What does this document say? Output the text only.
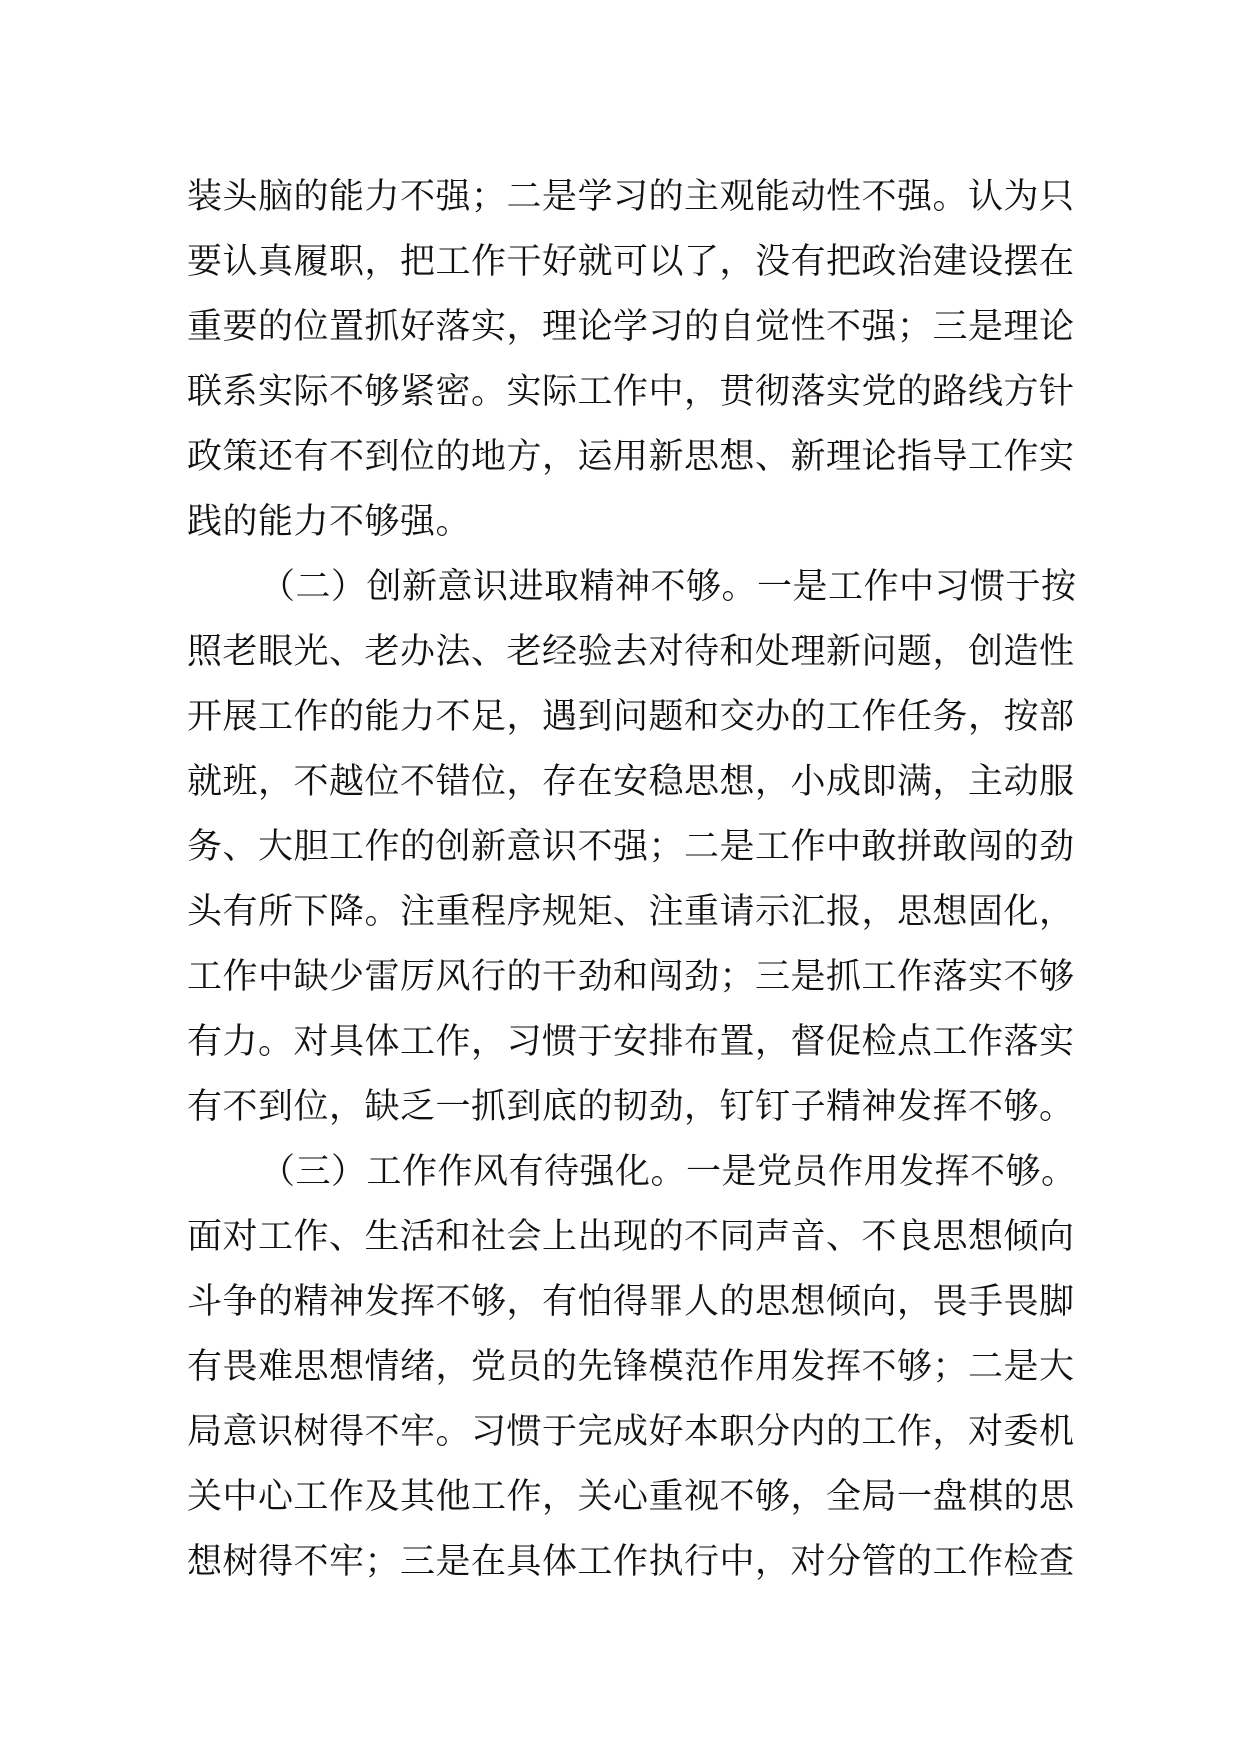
装头脑的能力不强；二是学习的主观能动性不强。认为只
要认真履职，把工作干好就可以了，没有把政治建设摆在
重要的位置抓好落实，理论学习的自觉性不强；三是理论
联系实际不够紧密。实际工作中，贯彻落实党的路线方针
政策还有不到位的地方，运用新思想、新理论指导工作实
践的能力不够强。
（二）创新意识进取精神不够。一是工作中习惯于按
照老眼光、老办法、老经验去对待和处理新问题，创造性
开展工作的能力不足，遇到问题和交办的工作任务，按部
就班，不越位不错位，存在安稳思想，小成即满，主动服
务、大胆工作的创新意识不强；二是工作中敢拼敢闯的劲
头有所下降。注重程序规矩、注重请示汇报，思想固化，
工作中缺少雷厉风行的干劲和闯劲；三是抓工作落实不够
有力。对具体工作，习惯于安排布置，督促检点工作落实
有不到位，缺乏一抓到底的韧劲，钉钉子精神发挥不够。
（三）工作作风有待强化。一是党员作用发挥不够。
面对工作、生活和社会上出现的不同声音、不良思想倾向
斗争的精神发挥不够，有怕得罪人的思想倾向，畏手畏脚
有畏难思想情绪，党员的先锋模范作用发挥不够；二是大
局意识树得不牢。习惯于完成好本职分内的工作，对委机
关中心工作及其他工作，关心重视不够，全局一盘棋的思
想树得不牢；三是在具体工作执行中，对分管的工作检查
